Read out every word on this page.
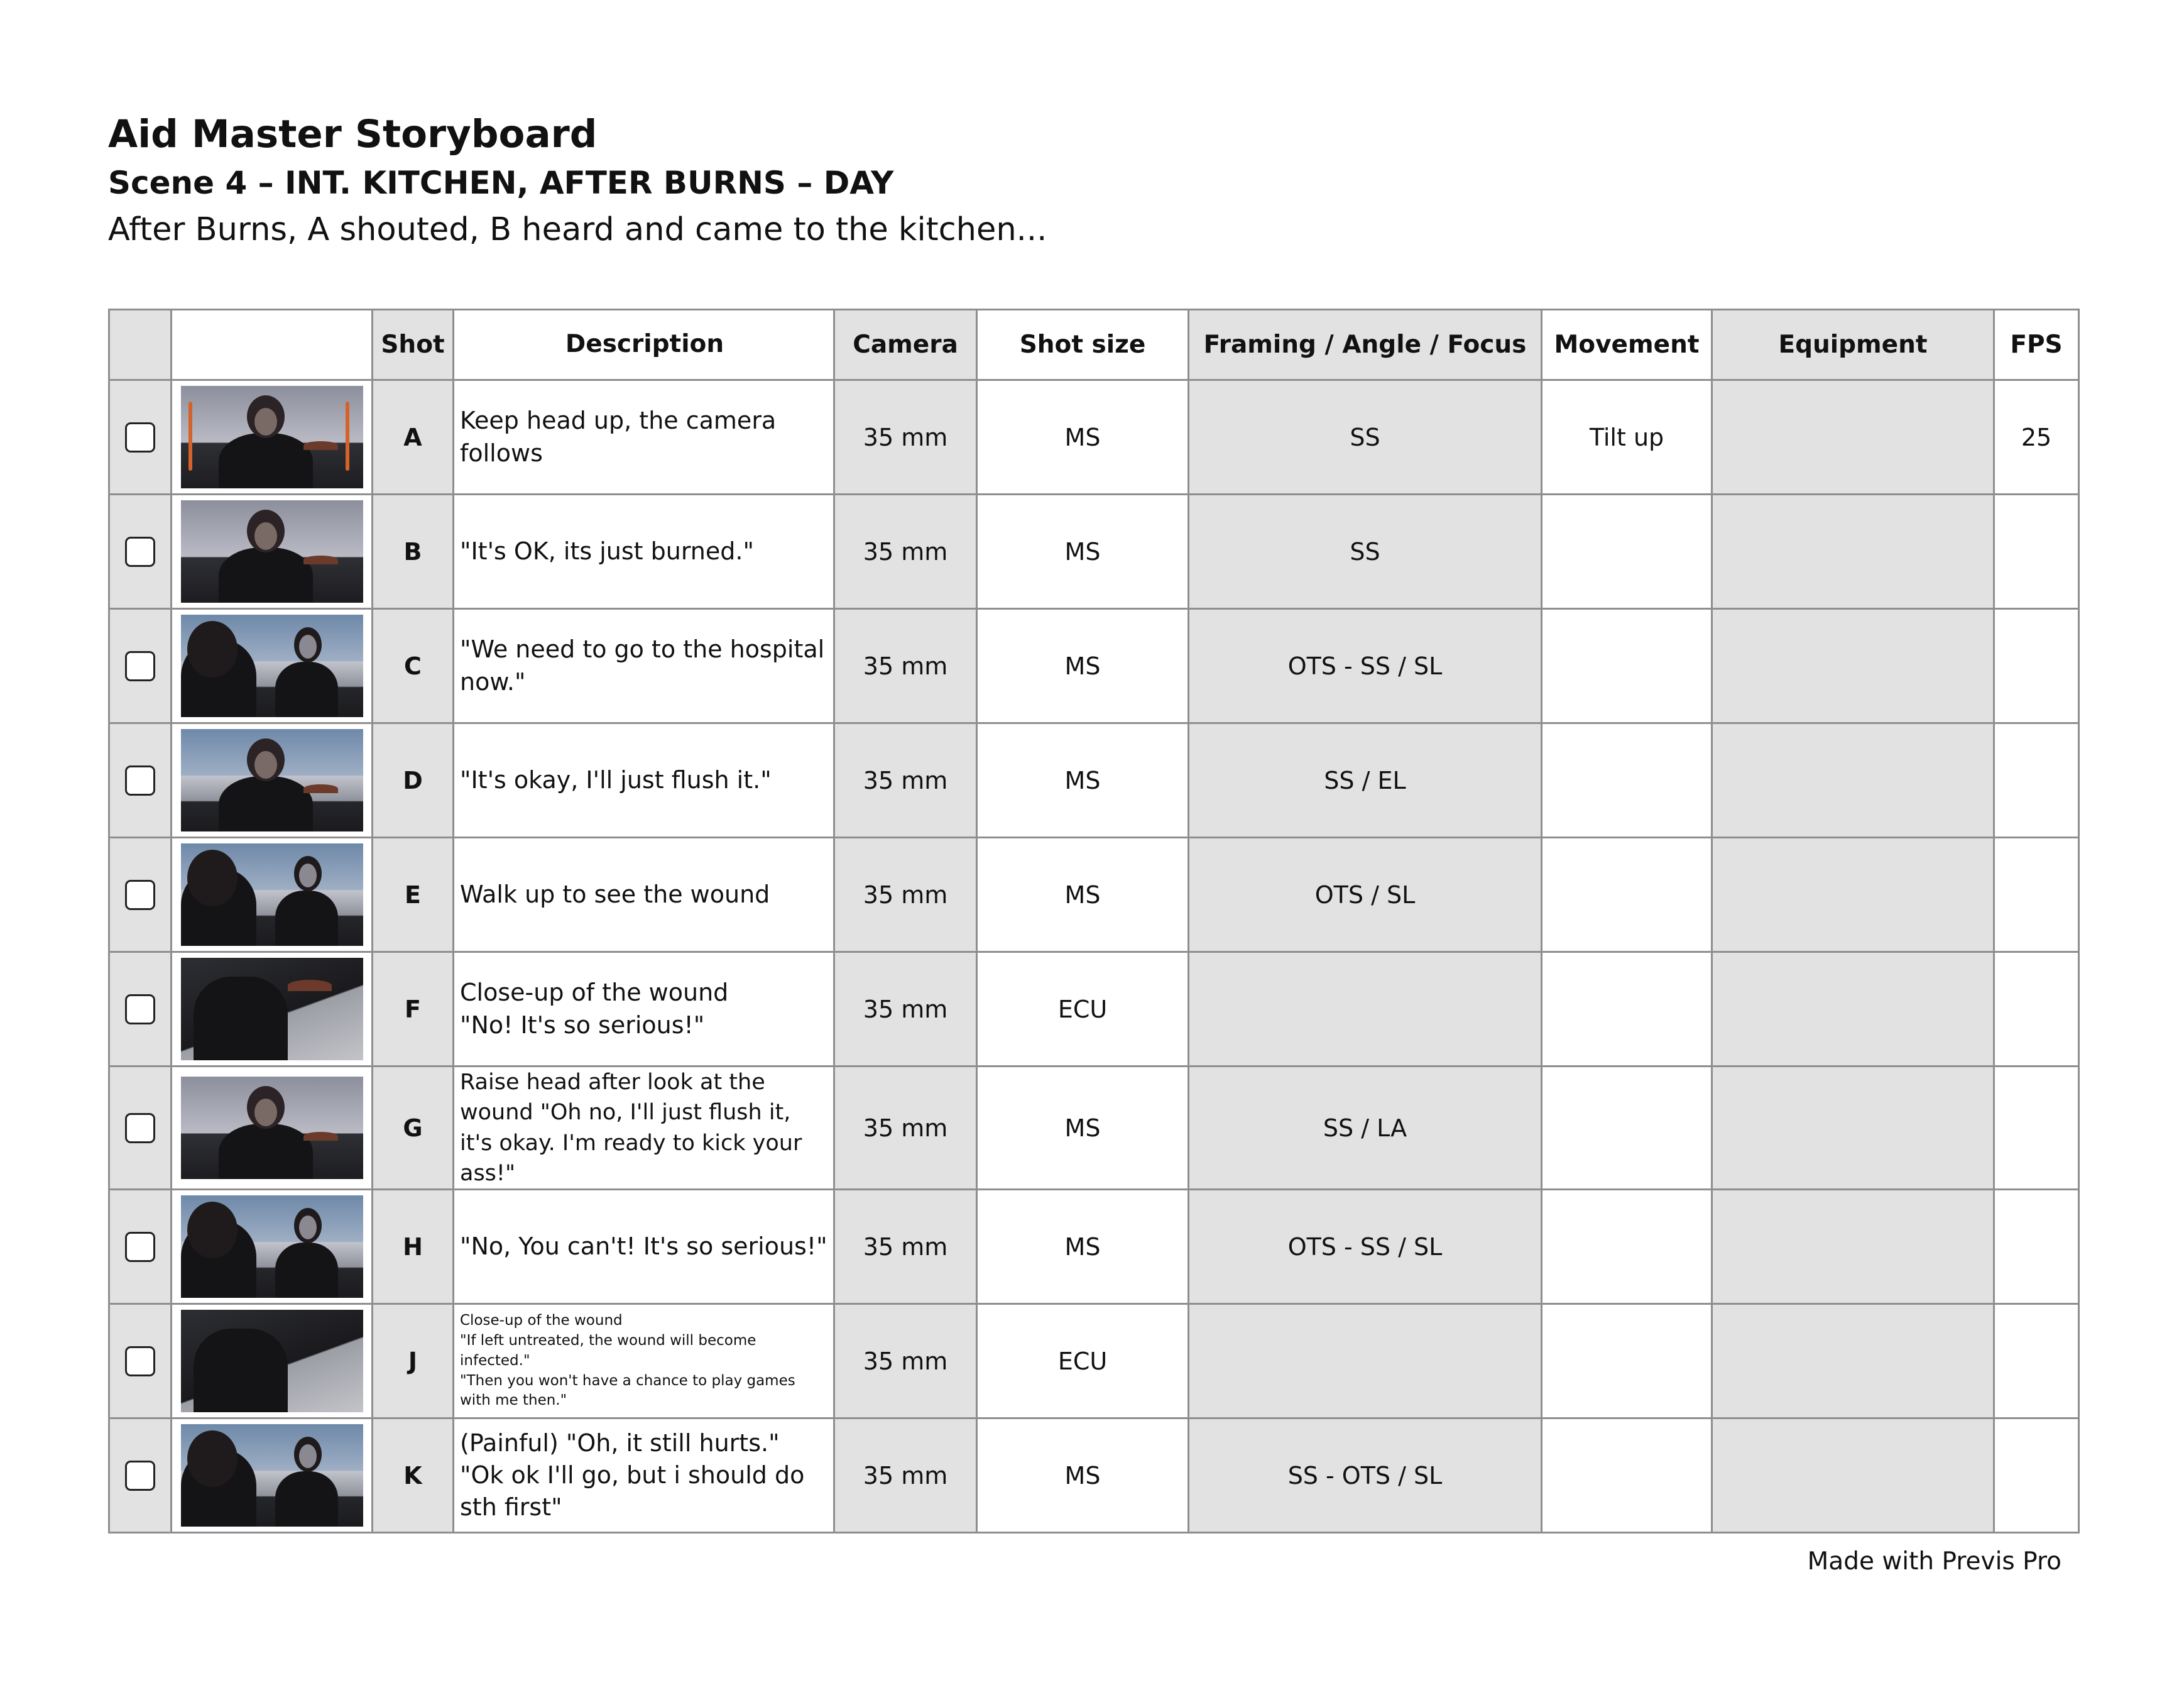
Aid Master Storyboard
Scene 4 – INT. KITCHEN, AFTER BURNS – DAY
After Burns, A shouted, B heard and came to the kitchen...
		Shot	Description	Camera	Shot size	Framing / Angle / Focus	Movement	Equipment	FPS

	A	Keep head up, the camera follows	35 mm	MS	SS	Tilt up		25

	B	"It's OK, its just burned."	35 mm	MS	SS			

	C	"We need to go to the hospital now."	35 mm	MS	OTS - SS / SL			

	D	"It's okay, I'll just flush it."	35 mm	MS	SS / EL			

	E	Walk up to see the wound	35 mm	MS	OTS / SL			

	F	Close-up of the wound
"No! It's so serious!"	35 mm	ECU				

	G	Raise head after look at the wound "Oh no, I'll just flush it, it's okay. I'm ready to kick your ass!"	35 mm	MS	SS / LA			

	H	"No, You can't! It's so serious!"	35 mm	MS	OTS - SS / SL			

	J	Close-up of the wound
"If left untreated, the wound will become infected."
"Then you won't have a chance to play games with me then."	35 mm	ECU				

	K	(Painful) "Oh, it still hurts."
"Ok ok I'll go, but i should do sth first"	35 mm	MS	SS - OTS / SL			
Made with Previs Pro
